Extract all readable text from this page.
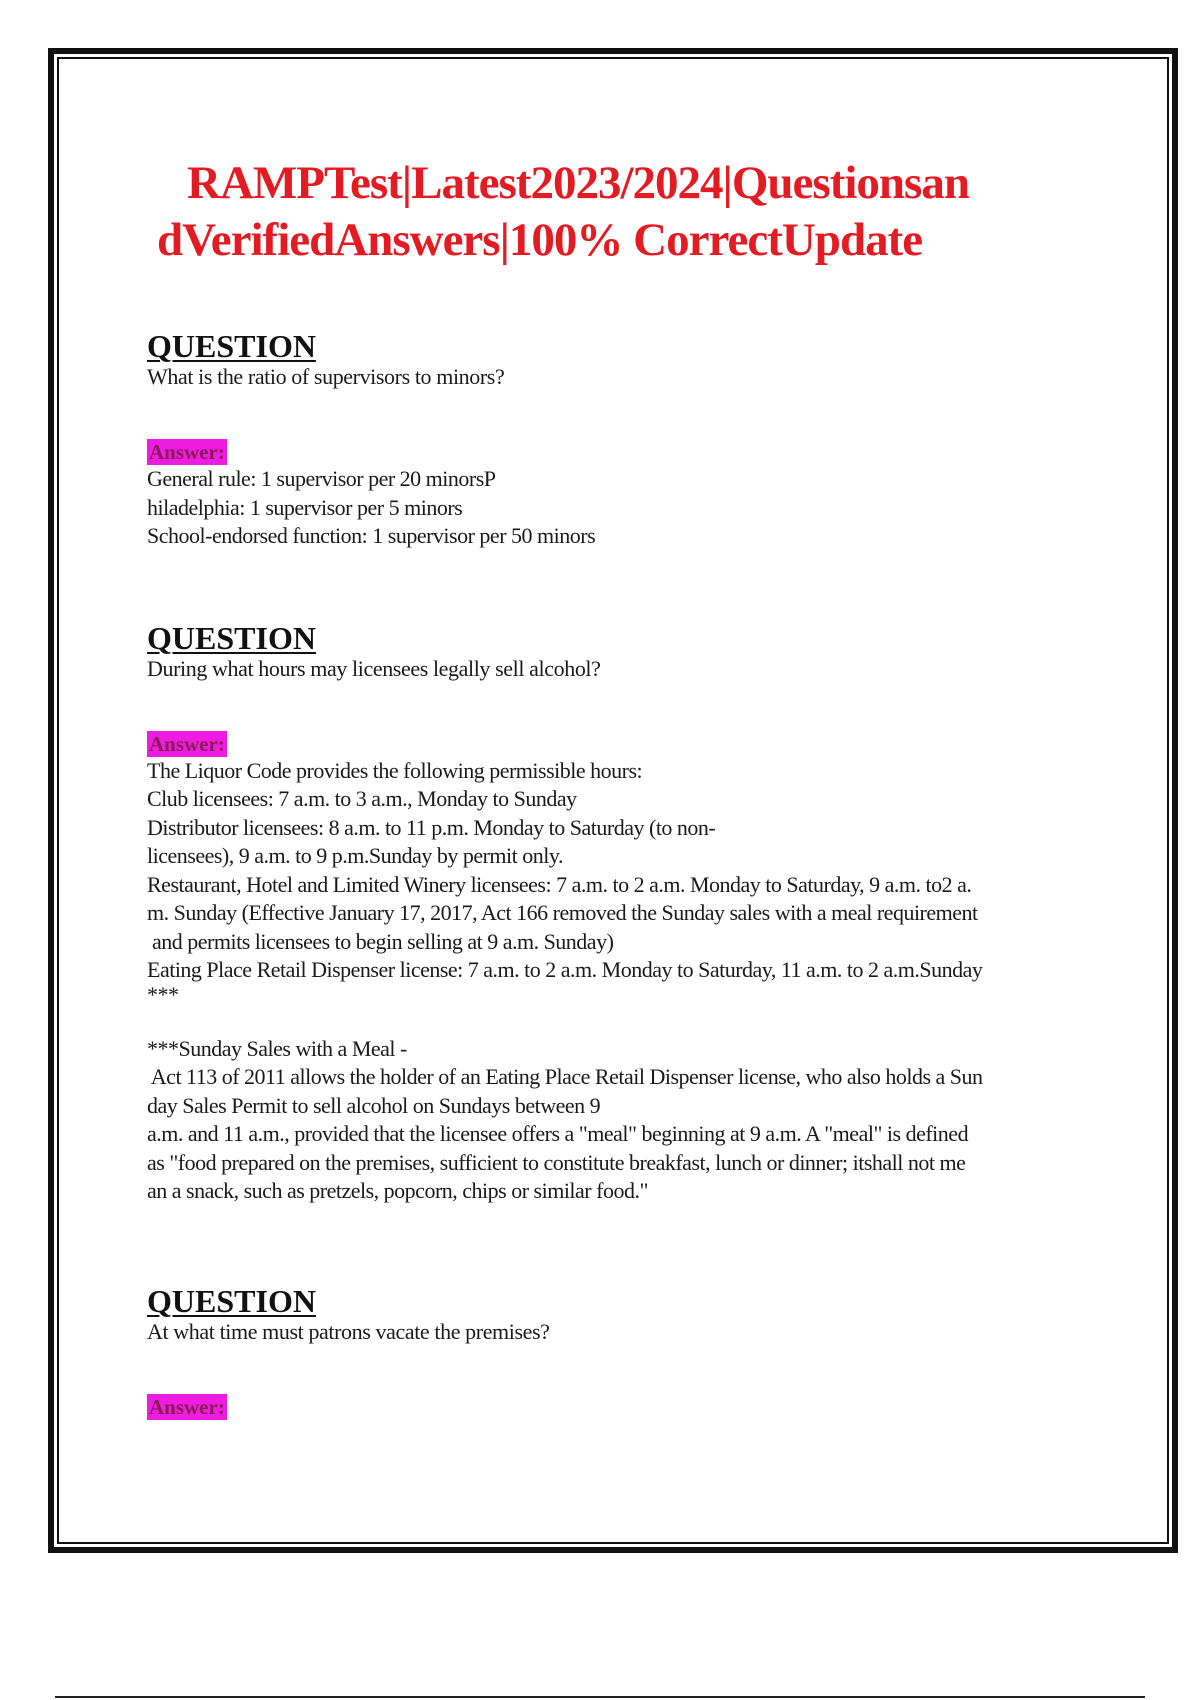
RAMPTest|Latest2023/2024|Questionsan
dVerifiedAnswers|100% CorrectUpdate

QUESTION

What is the ratio of supervisors to minors?

Answer:
General rule: 1 supervisor per 20 minorsP
hiladelphia: 1 supervisor per 5 minors
School-endorsed function: 1 supervisor per 50 minors

QUESTION

During what hours may licensees legally sell alcohol?

Answer:
The Liquor Code provides the following permissible hours:
Club licensees: 7 a.m. to 3 a.m., Monday to Sunday
Distributor licensees: 8 a.m. to 11 p.m. Monday to Saturday (to non-
licensees), 9 a.m. to 9 p.m.Sunday by permit only.
Restaurant, Hotel and Limited Winery licensees: 7 a.m. to 2 a.m. Monday to Saturday, 9 a.m. to2 a.
m. Sunday (Effective January 17, 2017, Act 166 removed the Sunday sales with a meal requirement
and permits licensees to begin selling at 9 a.m. Sunday)
Eating Place Retail Dispenser license: 7 a.m. to 2 a.m. Monday to Saturday, 11 a.m. to 2 a.m.Sunday
***
***Sunday Sales with a Meal -
Act 113 of 2011 allows the holder of an Eating Place Retail Dispenser license, who also holds a Sun
day Sales Permit to sell alcohol on Sundays between 9
a.m. and 11 a.m., provided that the licensee offers a "meal" beginning at 9 a.m. A "meal" is defined
as "food prepared on the premises, sufficient to constitute breakfast, lunch or dinner; itshall not me
an a snack, such as pretzels, popcorn, chips or similar food."

QUESTION

At what time must patrons vacate the premises?

Answer:
